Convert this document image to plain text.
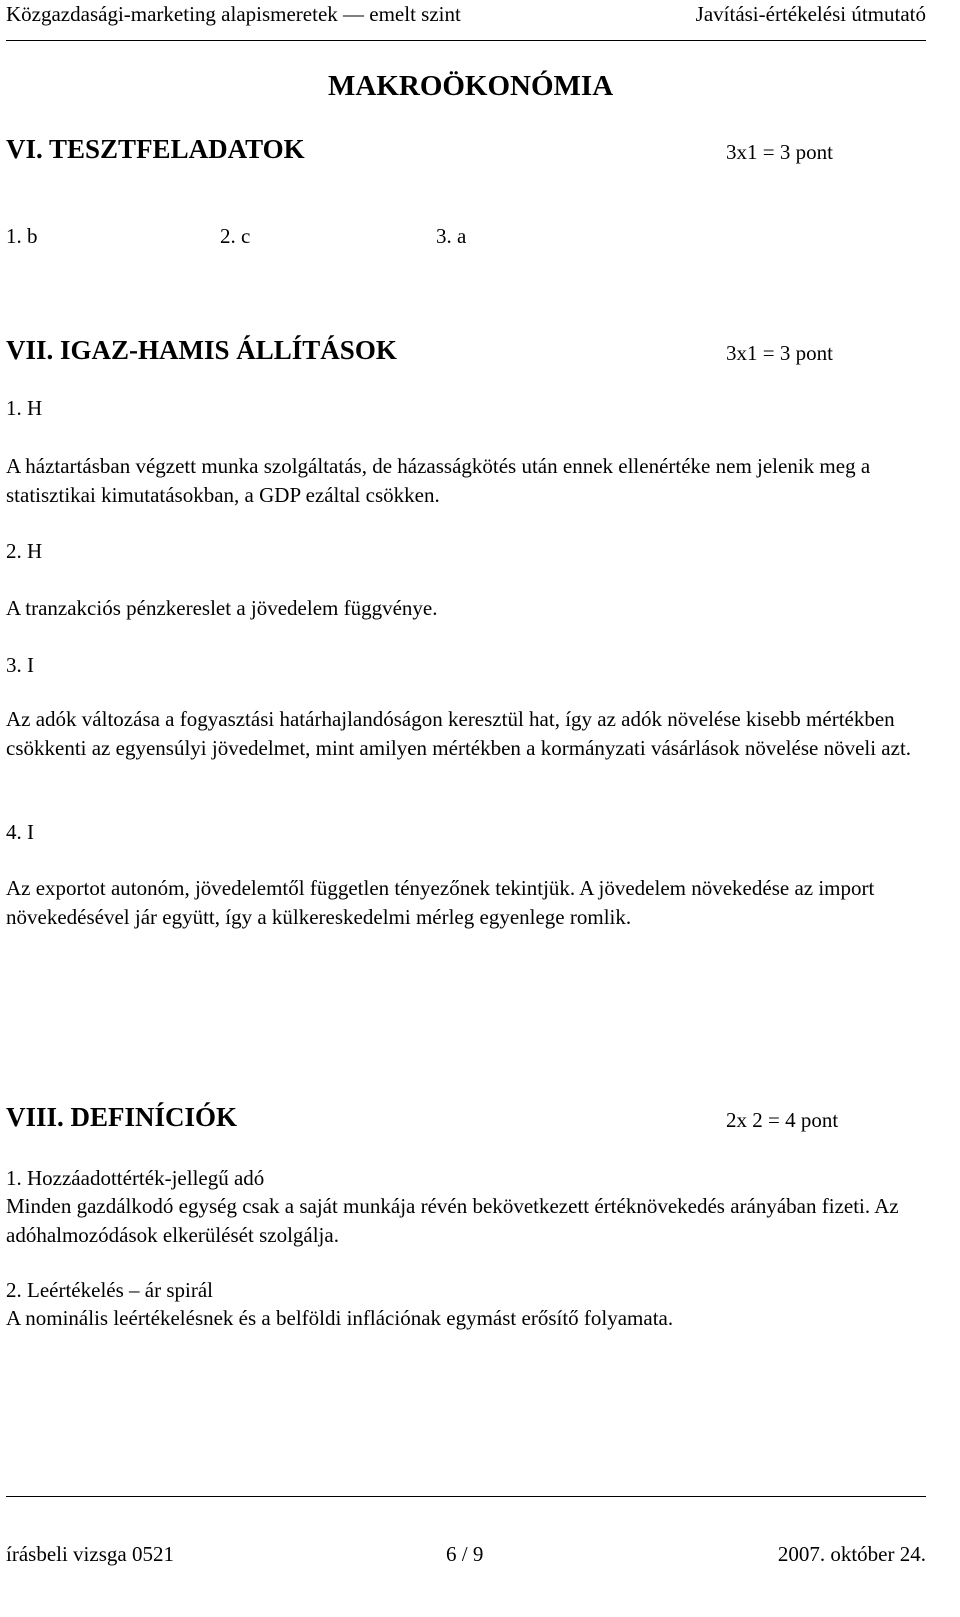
Közgazdasági-marketing alapismeretek — emelt szint	Javítási-értékelési útmutató
MAKROÖKONÓMIA
VI. TESZTFELADATOK	3x1 = 3 pont
1. b	2. c	3. a
VII. IGAZ-HAMIS ÁLLÍTÁSOK	3x1 = 3 pont
1. H
A háztartásban végzett munka szolgáltatás, de házasságkötés után ennek ellenértéke nem jelenik meg a statisztikai kimutatásokban, a GDP ezáltal csökken.
2. H
A tranzakciós pénzkereslet a jövedelem függvénye.
3. I
Az adók változása a fogyasztási határhajlandóságon keresztül hat, így az adók növelése kisebb mértékben csökkenti az egyensúlyi jövedelmet, mint amilyen mértékben a kormányzati vásárlások növelése növeli azt.
4. I
Az exportot autonóm, jövedelemtől független tényezőnek tekintjük. A jövedelem növekedése az import növekedésével jár együtt, így a külkereskedelmi mérleg egyenlege romlik.
VIII. DEFINÍCIÓK	2x 2 = 4 pont
1. Hozzáadottérték-jellegű adó
Minden gazdálkodó egység csak a saját munkája révén bekövetkezett értéknövekedés arányában fizeti. Az adóhalmozódások elkerülését szolgálja.
2. Leértékelés – ár spirál
A nominális leértékelésnek és a belföldi inflációnak egymást erősítő folyamata.
írásbeli vizsga 0521	6 / 9	2007. október 24.
